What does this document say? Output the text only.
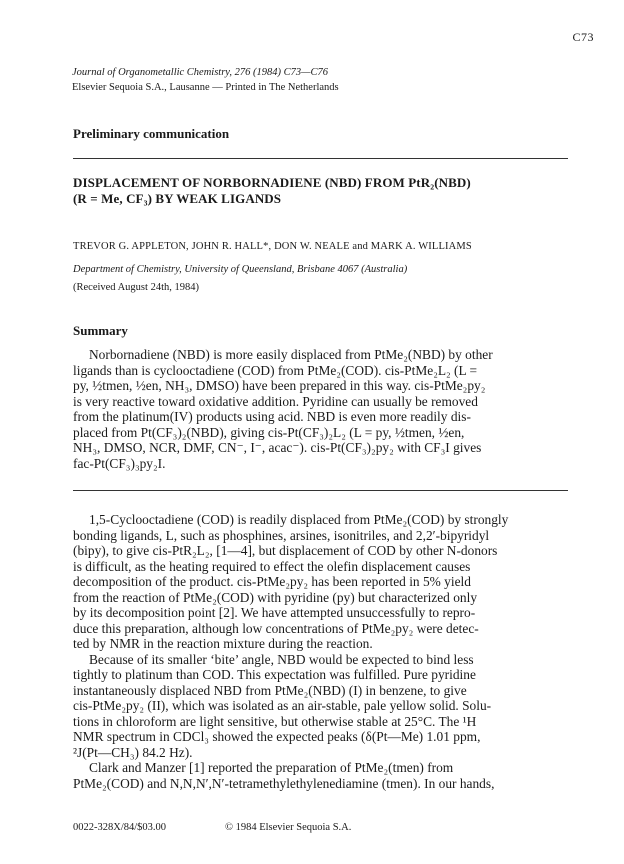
C73
Journal of Organometallic Chemistry, 276 (1984) C73—C76
Elsevier Sequoia S.A., Lausanne — Printed in The Netherlands
Preliminary communication
DISPLACEMENT OF NORBORNADIENE (NBD) FROM PtR₂(NBD)
(R = Me, CF₃) BY WEAK LIGANDS
TREVOR G. APPLETON, JOHN R. HALL*, DON W. NEALE and MARK A. WILLIAMS
Department of Chemistry, University of Queensland, Brisbane 4067 (Australia)
(Received August 24th, 1984)
Summary
Norbornadiene (NBD) is more easily displaced from PtMe₂(NBD) by other
ligands than is cyclooctadiene (COD) from PtMe₂(COD). cis-PtMe₂L₂ (L =
py, ½tmen, ½en, NH₃, DMSO) have been prepared in this way. cis-PtMe₂py₂
is very reactive toward oxidative addition. Pyridine can usually be removed
from the platinum(IV) products using acid. NBD is even more readily dis-
placed from Pt(CF₃)₂(NBD), giving cis-Pt(CF₃)₂L₂ (L = py, ½tmen, ½en,
NH₃, DMSO, NCR, DMF, CN⁻, I⁻, acac⁻). cis-Pt(CF₃)₂py₂ with CF₃I gives
fac-Pt(CF₃)₃py₂I.
1,5-Cyclooctadiene (COD) is readily displaced from PtMe₂(COD) by strongly
bonding ligands, L, such as phosphines, arsines, isonitriles, and 2,2′-bipyridyl
(bipy), to give cis-PtR₂L₂, [1—4], but displacement of COD by other N-donors
is difficult, as the heating required to effect the olefin displacement causes
decomposition of the product. cis-PtMe₂py₂ has been reported in 5% yield
from the reaction of PtMe₂(COD) with pyridine (py) but characterized only
by its decomposition point [2]. We have attempted unsuccessfully to repro-
duce this preparation, although low concentrations of PtMe₂py₂ were detec-
ted by NMR in the reaction mixture during the reaction.
Because of its smaller ‘bite’ angle, NBD would be expected to bind less
tightly to platinum than COD. This expectation was fulfilled. Pure pyridine
instantaneously displaced NBD from PtMe₂(NBD) (I) in benzene, to give
cis-PtMe₂py₂ (II), which was isolated as an air-stable, pale yellow solid. Solu-
tions in chloroform are light sensitive, but otherwise stable at 25°C. The ¹H
NMR spectrum in CDCl₃ showed the expected peaks (δ(Pt—Me) 1.01 ppm,
²J(Pt—CH₃) 84.2 Hz).
Clark and Manzer [1] reported the preparation of PtMe₂(tmen) from
PtMe₂(COD) and N,N,N′,N′-tetramethylethylenediamine (tmen). In our hands,
0022-328X/84/$03.00	© 1984 Elsevier Sequoia S.A.
